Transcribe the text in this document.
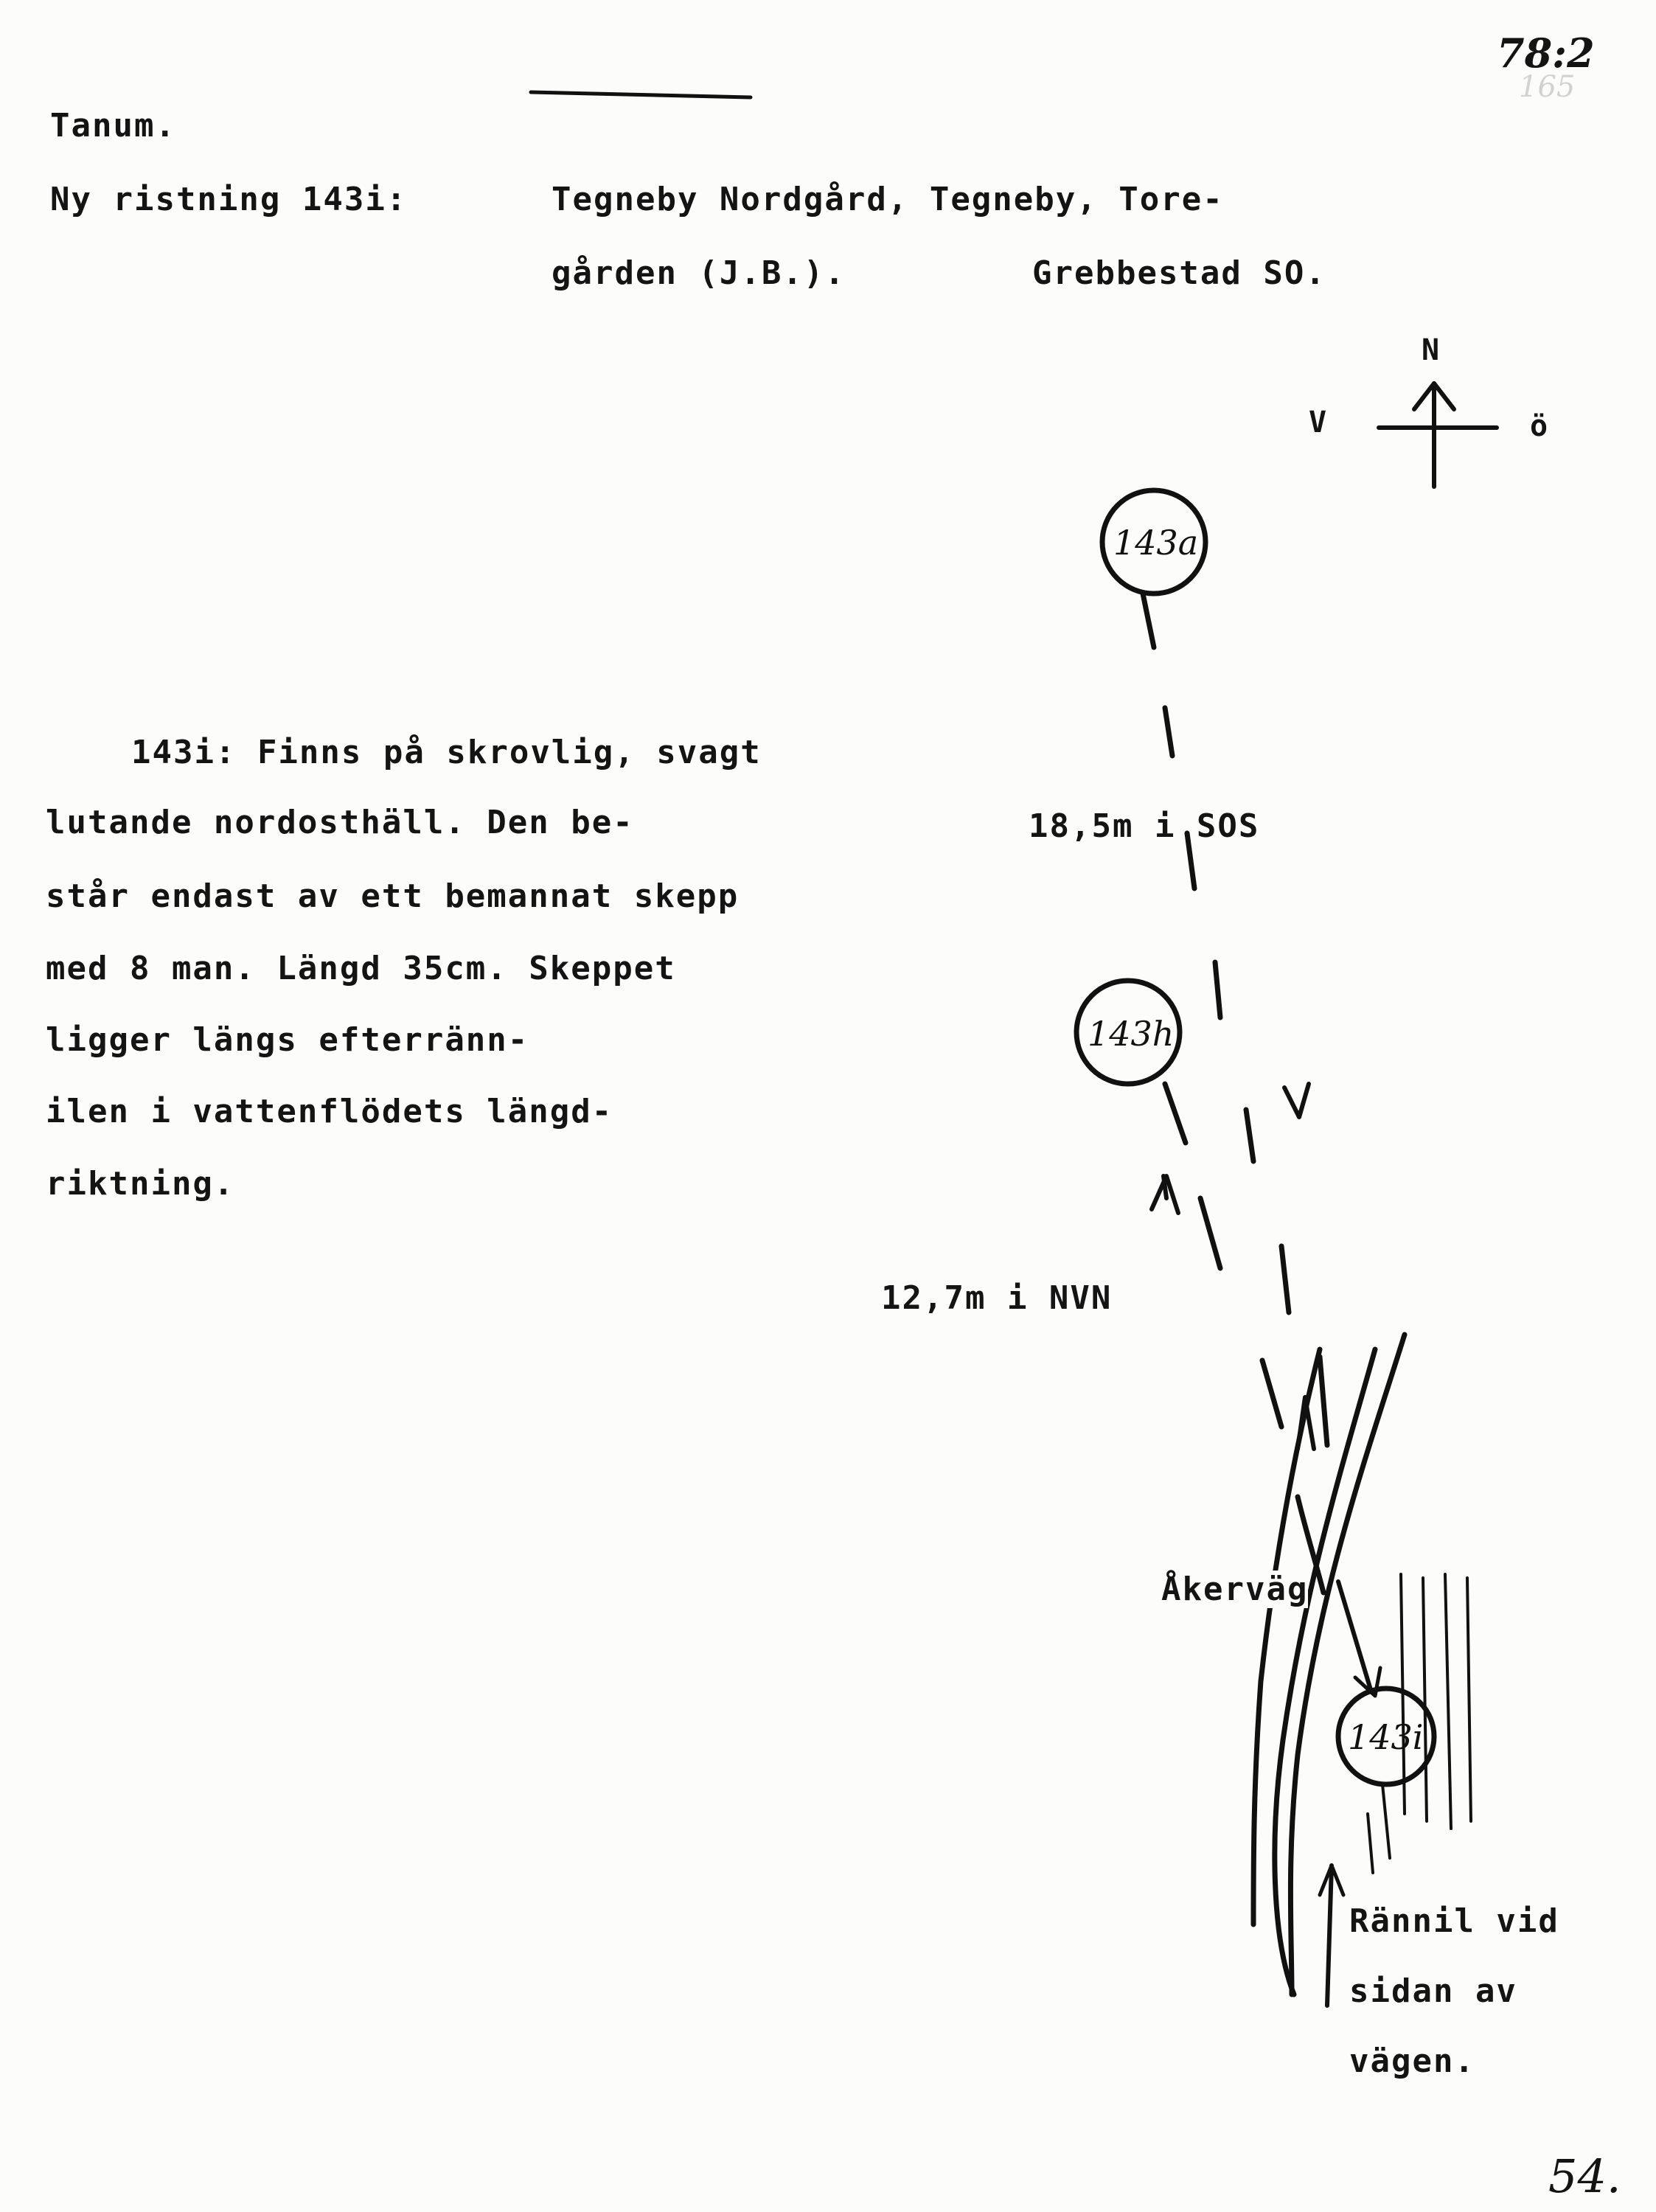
Tanum.
Ny ristning 143i:	Tegneby Nordgård, Tegneby, Tore-
gården (J.B.).	Grebbestad SO.
78:2
165
143i: Finns på skrovlig, svagt
lutande nordosthäll. Den be-
står endast av ett bemannat skepp
med 8 man. Längd 35cm. Skeppet
ligger längs efterränn-
ilen i vattenflödets längd-
riktning.
143a
143h
143i
N
V	ö
18,5m i SOS
12,7m i NVN
Åkerväg
Rännil vid
sidan av
vägen.
54.
